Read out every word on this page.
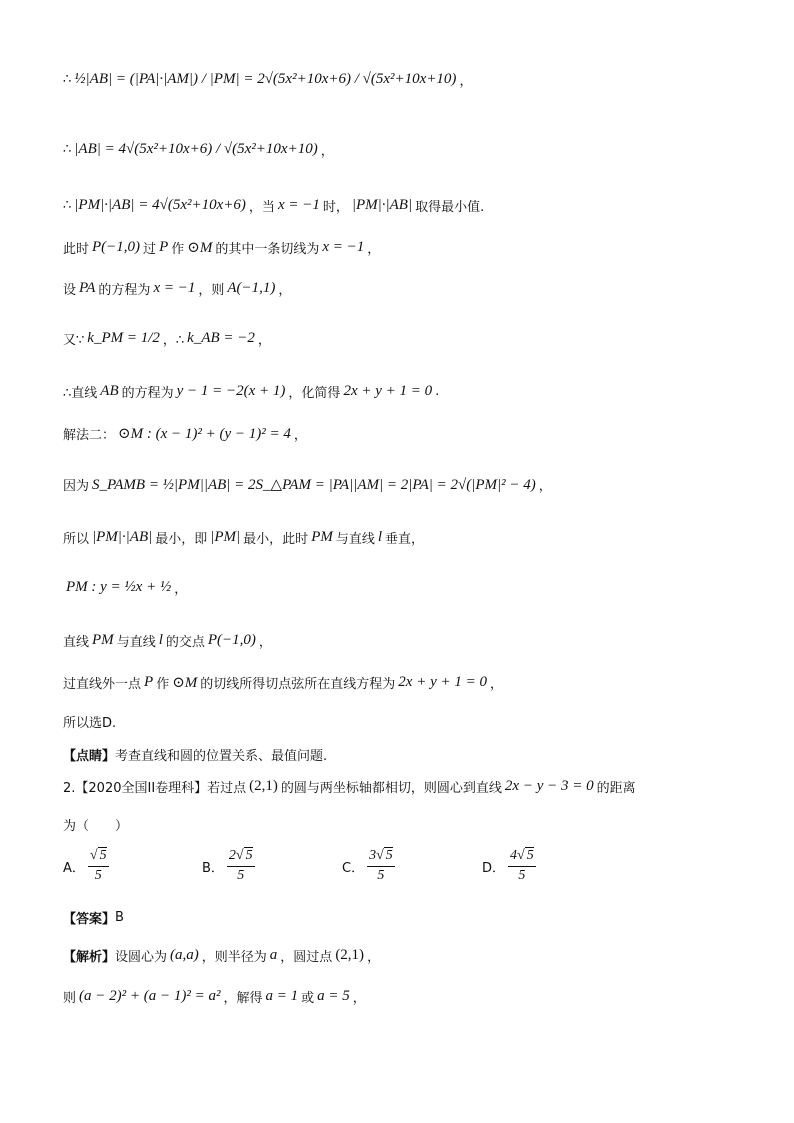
∴ ½|AB| = (|PA|·|AM|) / |PM| = 2√(5x²+10x+6) / √(5x²+10x+10) ，
∴ |AB| = 4√(5x²+10x+6) / √(5x²+10x+10) ，
∴ |PM|·|AB| = 4√(5x²+10x+6) ，当 x = −1 时， |PM|·|AB| 取得最小值.
此时 P(−1,0) 过 P 作 ⊙M 的其中一条切线为 x = −1 ，
设 PA 的方程为 x = −1 ，则 A(−1,1) ，
又∵ k_PM = 1/2 ，∴ k_AB = −2 ，
∴直线 AB 的方程为 y − 1 = −2(x + 1) ，化简得 2x + y + 1 = 0 .
解法二： ⊙M : (x − 1)² + (y − 1)² = 4 ，
因为 S_PAMB = ½|PM||AB| = 2S_△PAM = |PA||AM| = 2|PA| = 2√(|PM|² − 4) ，
所以 |PM|·|AB| 最小，即 |PM| 最小，此时 PM 与直线 l 垂直，
PM : y = ½x + ½ ，
直线 PM 与直线 l 的交点 P(−1,0) ，
过直线外一点 P 作 ⊙M 的切线所得切点弦所在直线方程为 2x + y + 1 = 0 ，
所以选D.
【点睛】 考查直线和圆的位置关系、最值问题.
2.【2020全国II卷理科】若过点 (2,1) 的圆与两坐标轴都相切，则圆心到直线 2x − y − 3 = 0 的距离
为（　　）
A． $\frac{√ 5}{5}$	B． $\frac{2√ 5}{5}$	C． $\frac{3√ 5}{5}$	D． $\frac{4√ 5}{5}$
【答案】 B
【解析】 设圆心为 (a,a) ，则半径为 a ，圆过点 (2,1) ，
则 (a − 2)² + (a − 1)² = a² ，解得 a = 1 或 a = 5 ，
